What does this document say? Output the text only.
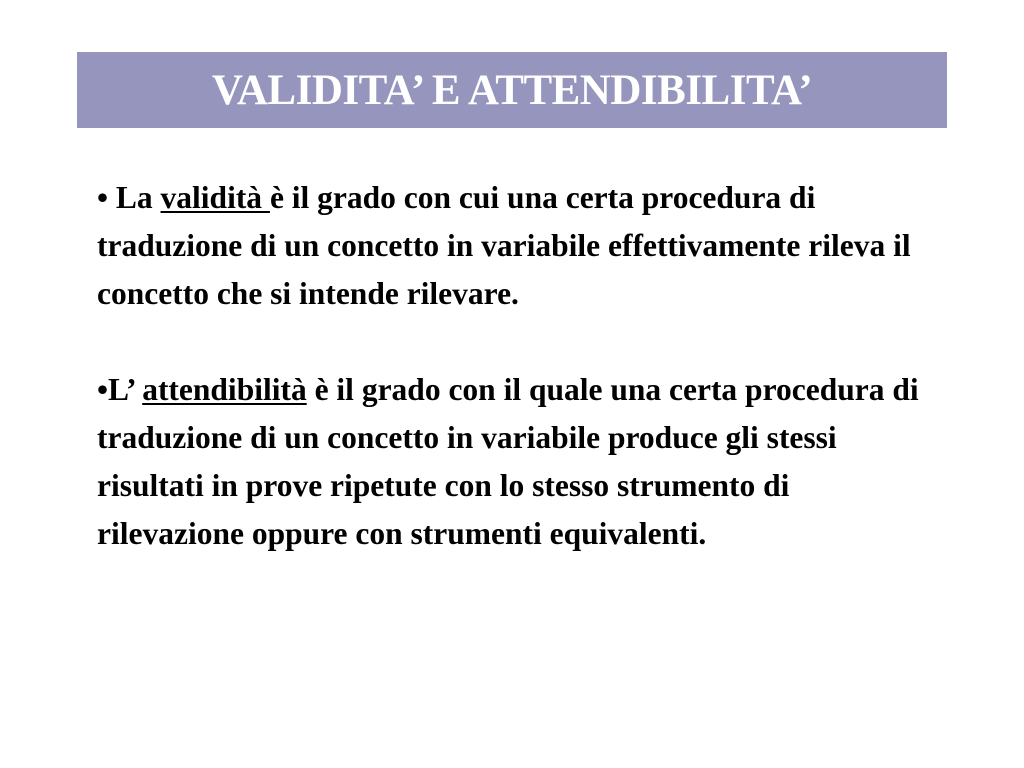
VALIDITA’ E ATTENDIBILITA’

• La validità è il grado con cui una certa procedura di traduzione di un concetto in variabile effettivamente rileva il concetto che si intende rilevare.

•L’ attendibilità è il grado con il quale una certa procedura di traduzione di un concetto in variabile produce gli stessi risultati in prove ripetute con lo stesso strumento di rilevazione oppure con strumenti equivalenti.
